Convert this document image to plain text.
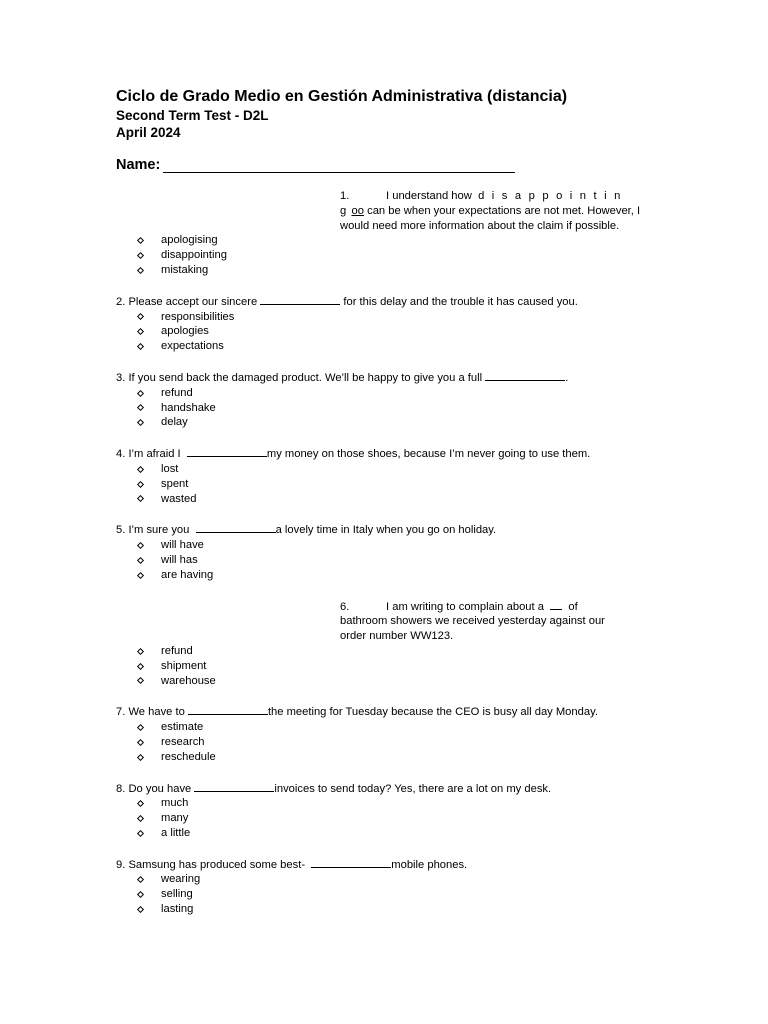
Ciclo de Grado Medio en Gestión Administrativa (distancia)

Second Term Test - D2L

April 2024

Name:

1.	I understand how d i s a p p o i n t i n g oo can be when your expectations are not met. However, I would need more information about the claim if possible.

apologising
disappointing
mistaking

2. Please accept our sincere	for this delay and the trouble it has caused you.

responsibilities
apologies
expectations

3. If you send back the damaged product. We’ll be happy to give you a full	.

refund
handshake
delay

4. I’m afraid I	my money on those shoes, because I’m never going to use them.

lost
spent
wasted

5. I’m sure you	a lovely time in Italy when you go on holiday.

will have
will has
are having

6.	I am writing to complain about a of bathroom showers we received yesterday against our order number WW123.

refund
shipment
warehouse

7. We have to	the meeting for Tuesday because the CEO is busy all day Monday.

estimate
research
reschedule

8. Do you have	invoices to send today? Yes, there are a lot on my desk.

much
many
a little

9. Samsung has produced some best-	mobile phones.

wearing
selling
lasting
